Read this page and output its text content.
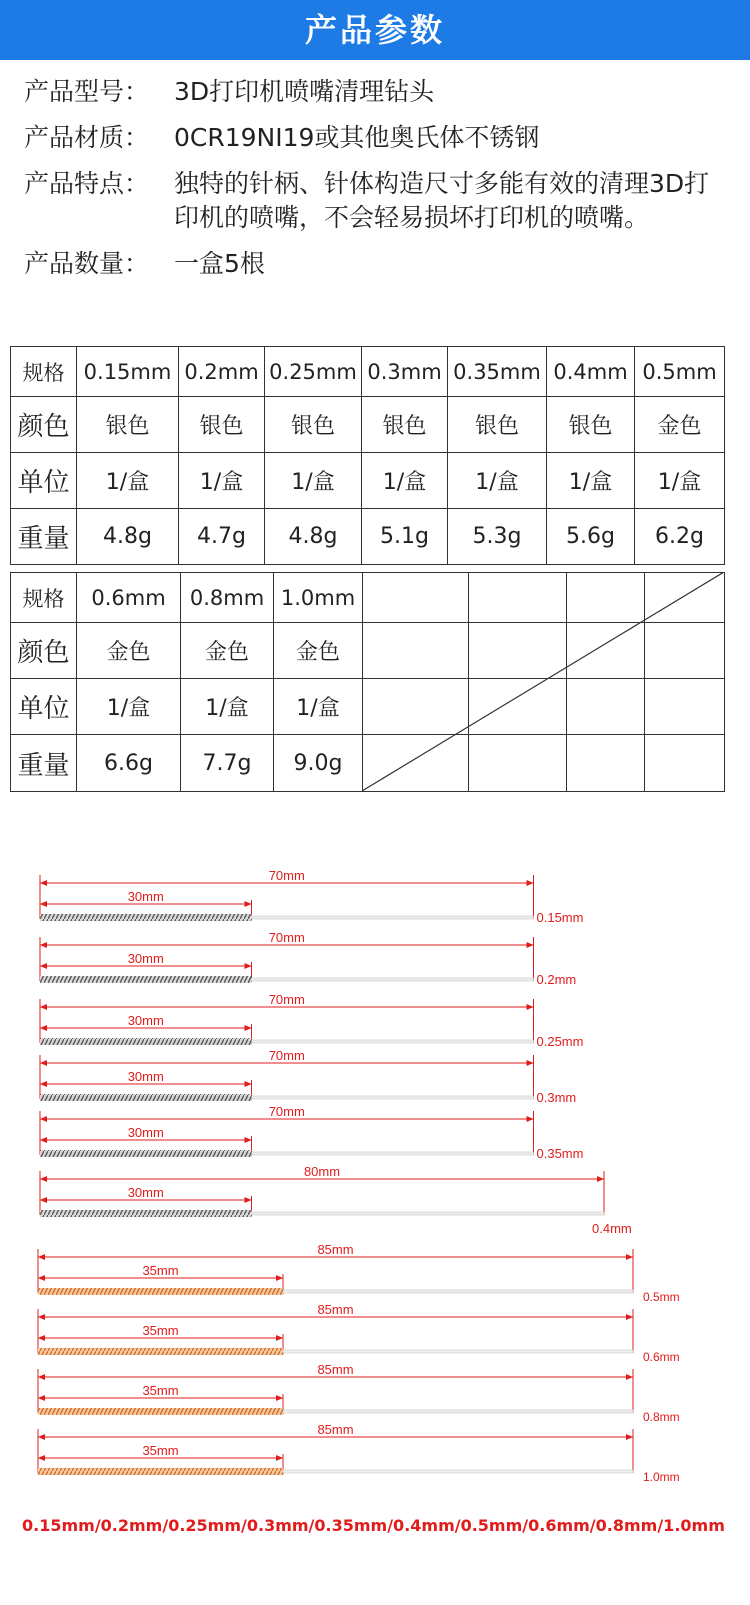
产品参数
产品型号： 3D打印机喷嘴清理钻头
产品材质： 0CR19NI19或其他奥氏体不锈钢
产品特点： 独特的针柄、针体构造尺寸多能有效的清理3D打印机的喷嘴，不会轻易损坏打印机的喷嘴。
产品数量： 一盒5根
规格	0.15mm	0.2mm	0.25mm	0.3mm	0.35mm	0.4mm	0.5mm
颜色	银色	银色	银色	银色	银色	银色	金色
单位	1/盒	1/盒	1/盒	1/盒	1/盒	1/盒	1/盒
重量	4.8g	4.7g	4.8g	5.1g	5.3g	5.6g	6.2g
规格	0.6mm	0.8mm	1.0mm				
颜色	金色	金色	金色				
单位	1/盒	1/盒	1/盒				
重量	6.6g	7.7g	9.0g				
70mm
30mm
0.15mm
70mm
30mm
0.2mm
70mm
30mm
0.25mm
70mm
30mm
0.3mm
70mm
30mm
0.35mm
80mm
30mm
0.4mm
85mm
35mm
0.5mm
85mm
35mm
0.6mm
85mm
35mm
0.8mm
85mm
35mm
1.0mm
0.15mm/0.2mm/0.25mm/0.3mm/0.35mm/0.4mm/0.5mm/0.6mm/0.8mm/1.0mm
